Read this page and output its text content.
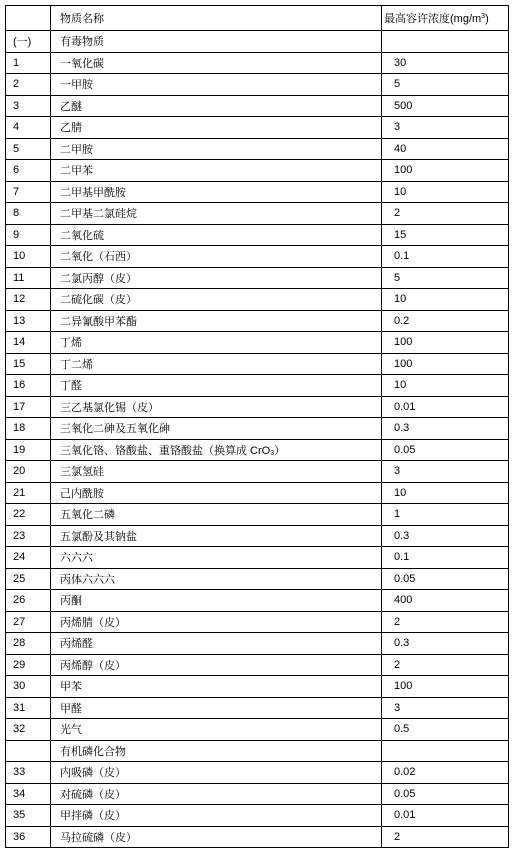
	物质名称	最高容许浓度$(mg/m^3)$
(一)	有毒物质	
1	一氧化碳	30
2	一甲胺	5
3	乙醚	500
4	乙腈	3
5	二甲胺	40
6	二甲苯	100
7	二甲基甲酰胺	10
8	二甲基二氯硅烷	2
9	二氧化硫	15
10	二氧化（石西）	0.1
11	二氯丙醇（皮）	5
12	二硫化碳（皮）	10
13	二异氰酸甲苯酯	0.2
14	丁烯	100
15	丁二烯	100
16	丁醛	10
17	三乙基氯化锡（皮）	0.01
18	三氧化二砷及五氧化砷	0.3
19	三氧化铬、铬酸盐、重铬酸盐（换算成 CrO$_3$）	0.05
20	三氯氢硅	3
21	己内酰胺	10
22	五氧化二磷	1
23	五氯酚及其钠盐	0.3
24	六六六	0.1
25	丙体六六六	0.05
26	丙酮	400
27	丙烯腈（皮）	2
28	丙烯醛	0.3
29	丙烯醇（皮）	2
30	甲苯	100
31	甲醛	3
32	光气	0.5
	有机磷化合物	
33	内吸磷（皮）	0.02
34	对硫磷（皮）	0.05
35	甲拌磷（皮）	0.01
36	马拉硫磷（皮）	2
